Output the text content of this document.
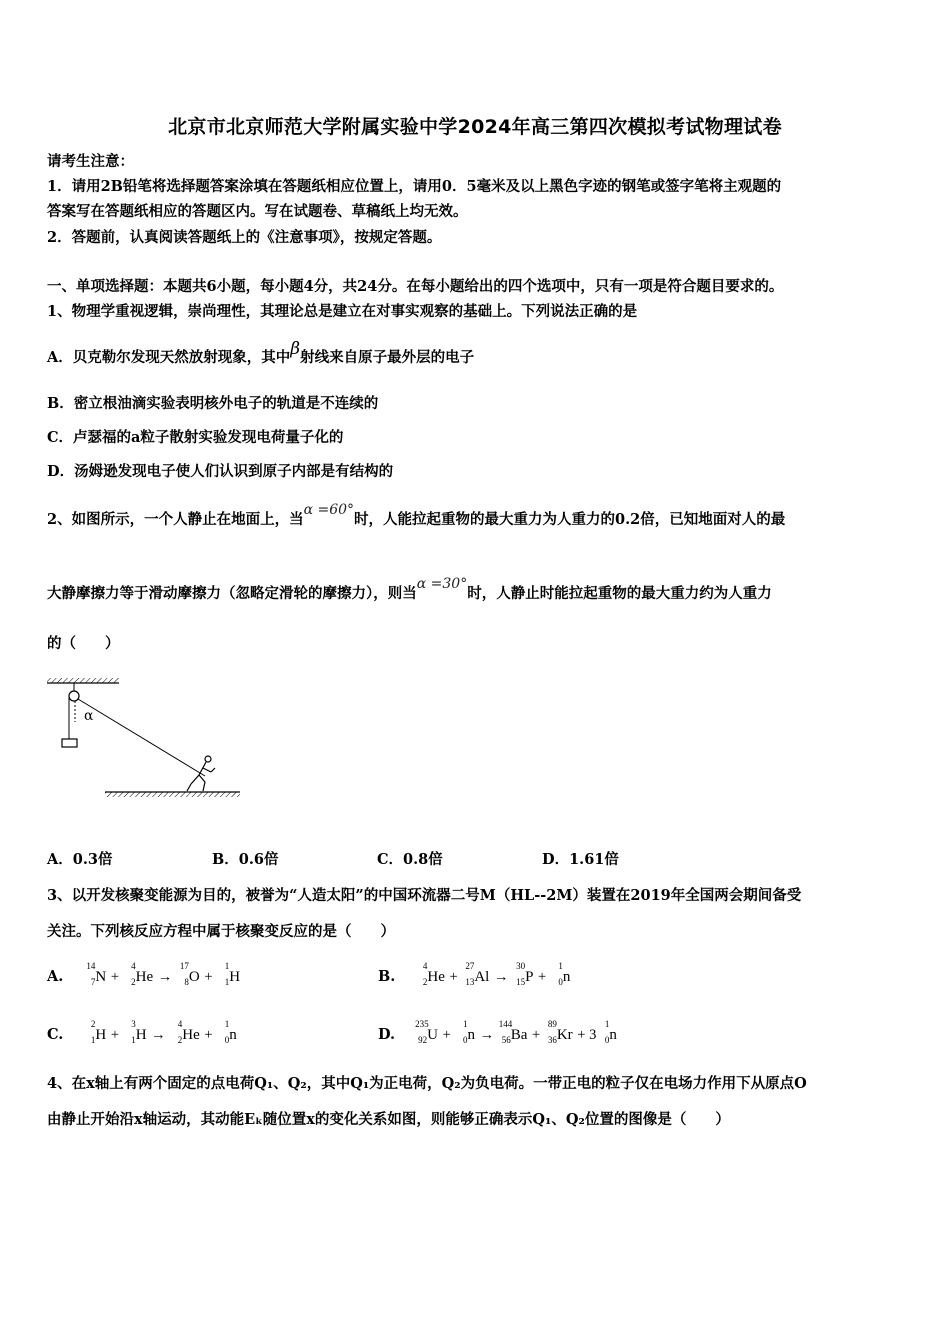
北京市北京师范大学附属实验中学2024年高三第四次模拟考试物理试卷
请考生注意：
1．请用2B铅笔将选择题答案涂填在答题纸相应位置上，请用0．5毫米及以上黑色字迹的钢笔或签字笔将主观题的
答案写在答题纸相应的答题区内。写在试题卷、草稿纸上均无效。
2．答题前，认真阅读答题纸上的《注意事项》，按规定答题。
一、单项选择题：本题共6小题，每小题4分，共24分。在每小题给出的四个选项中，只有一项是符合题目要求的。
1、物理学重视逻辑，崇尚理性，其理论总是建立在对事实观察的基础上。下列说法正确的是
A．贝克勒尔发现天然放射现象，其中β射线来自原子最外层的电子
B．密立根油滴实验表明核外电子的轨道是不连续的
C．卢瑟福的a粒子散射实验发现电荷量子化的
D．汤姆逊发现电子使人们认识到原子内部是有结构的
2、如图所示，一个人静止在地面上，当α =60°时，人能拉起重物的最大重力为人重力的0.2倍，已知地面对人的最
大静摩擦力等于滑动摩擦力（忽略定滑轮的摩擦力），则当α =30°时，人静止时能拉起重物的最大重力约为人重力
的（　　）
α
A．0.3倍	B．0.6倍	C．0.8倍	D．1.61倍
3、以开发核聚变能源为目的，被誉为“人造太阳”的中国环流器二号M（HL--2M）装置在2019年全国两会期间备受
关注。下列核反应方程中属于核聚变反应的是（　　）
A.
14
7 N +
4
2 He →
17
8 O +
1
1 H	B.
4
2 He +
27
13 Al →
30
15 P +
1
0 n
C.
2
1 H +
3
1 H →
4
2 He +
1
0 n	D.
235
92 U +
1
0 n →
144
56 Ba +
89
36 Kr + 3
1
0 n
4、在x轴上有两个固定的点电荷Q₁、Q₂，其中Q₁为正电荷，Q₂为负电荷。一带正电的粒子仅在电场力作用下从原点O
由静止开始沿x轴运动，其动能Eₖ随位置x的变化关系如图，则能够正确表示Q₁、Q₂位置的图像是（　　）
